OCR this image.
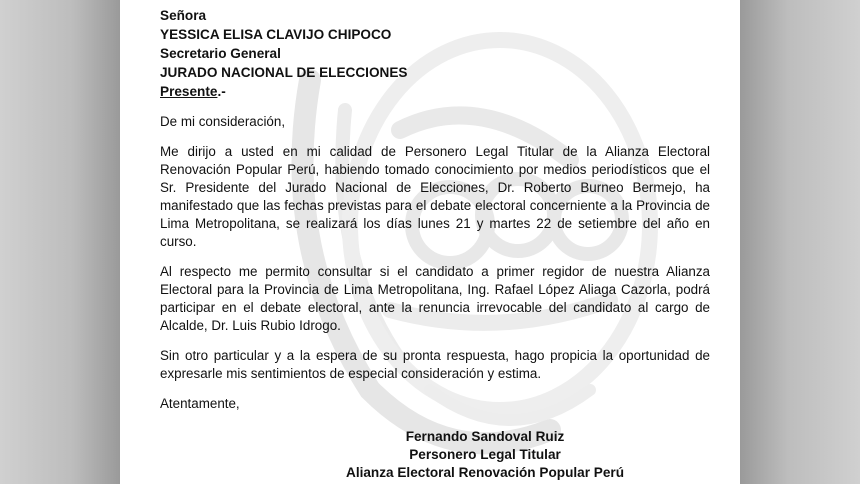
Señora

YESSICA ELISA CLAVIJO CHIPOCO

Secretario General

JURADO NACIONAL DE ELECCIONES

Presente.-

De mi consideración,

Me dirijo a usted en mi calidad de Personero Legal Titular de la Alianza Electoral Renovación Popular Perú, habiendo tomado conocimiento por medios periodísticos que el Sr. Presidente del Jurado Nacional de Elecciones, Dr. Roberto Burneo Bermejo, ha manifestado que las fechas previstas para el debate electoral concerniente a la Provincia de Lima Metropolitana, se realizará los días lunes 21 y martes 22 de setiembre del año en curso.

Al respecto me permito consultar si el candidato a primer regidor de nuestra Alianza Electoral para la Provincia de Lima Metropolitana, Ing. Rafael López Aliaga Cazorla, podrá participar en el debate electoral, ante la renuncia irrevocable del candidato al cargo de Alcalde, Dr. Luis Rubio Idrogo.

Sin otro particular y a la espera de su pronta respuesta, hago propicia la oportunidad de expresarle mis sentimientos de especial consideración y estima.

Atentamente,

Fernando Sandoval Ruiz
Personero Legal Titular
Alianza Electoral Renovación Popular Perú
